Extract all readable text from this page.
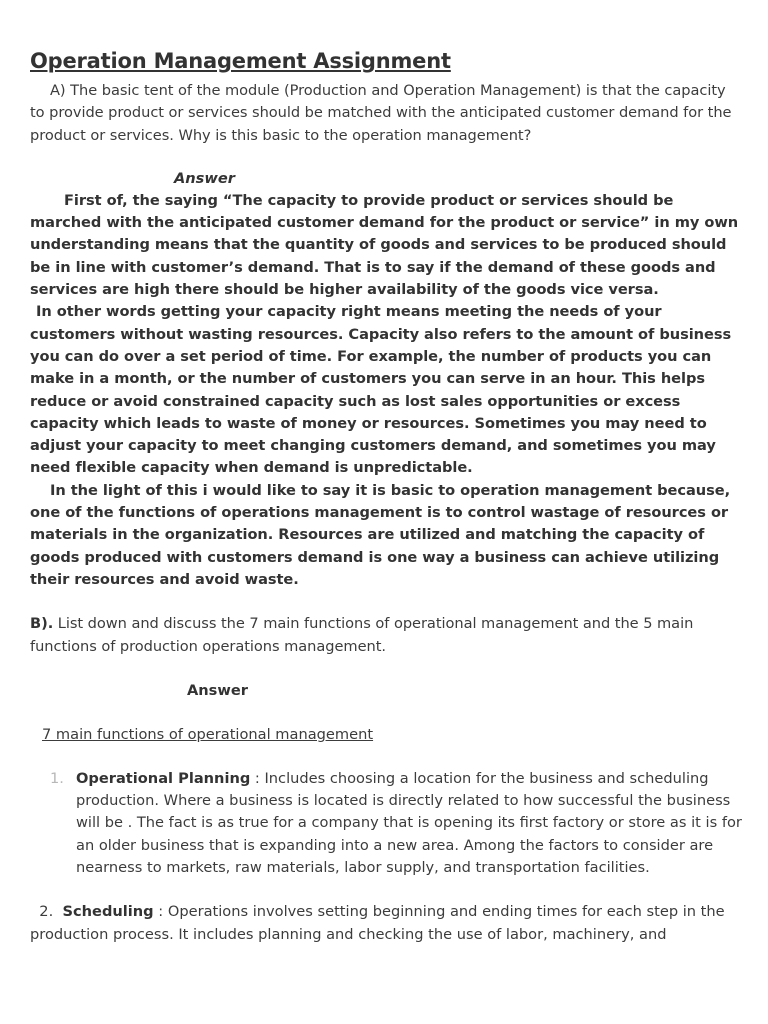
Operation Management Assignment

A) The basic tent of the module (Production and Operation Management) is that the capacity to provide product or services should be matched with the anticipated customer demand for the product or services. Why is this basic to the operation management?

Answer

First of, the saying “The capacity to provide product or services should be marched with the anticipated customer demand for the product or service” in my own understanding means that the quantity of goods and services to be produced should be in line with customer’s demand. That is to say if the demand of these goods and services are high there should be higher availability of the goods vice versa.

In other words getting your capacity right means meeting the needs of your customers without wasting resources. Capacity also refers to the amount of business you can do over a set period of time. For example, the number of products you can make in a month, or the number of customers you can serve in an hour. This helps reduce or avoid constrained capacity such as lost sales opportunities or excess capacity which leads to waste of money or resources. Sometimes you may need to adjust your capacity to meet changing customers demand, and sometimes you may need flexible capacity when demand is unpredictable.

In the light of this i would like to say it is basic to operation management because, one of the functions of operations management is to control wastage of resources or materials in the organization. Resources are utilized and matching the capacity of goods produced with customers demand is one way a business can achieve utilizing their resources and avoid waste.

B). List down and discuss the 7 main functions of operational management and the 5 main functions of production operations management.

Answer
7 main functions of operational management
1. Operational Planning : Includes choosing a location for the business and scheduling production. Where a business is located is directly related to how successful the business will be . The fact is as true for a company that is opening its first factory or store as it is for an older business that is expanding into a new area. Among the factors to consider are nearness to markets, raw materials, labor supply, and transportation facilities.

2. Scheduling : Operations involves setting beginning and ending times for each step in the production process. It includes planning and checking the use of labor, machinery, and
